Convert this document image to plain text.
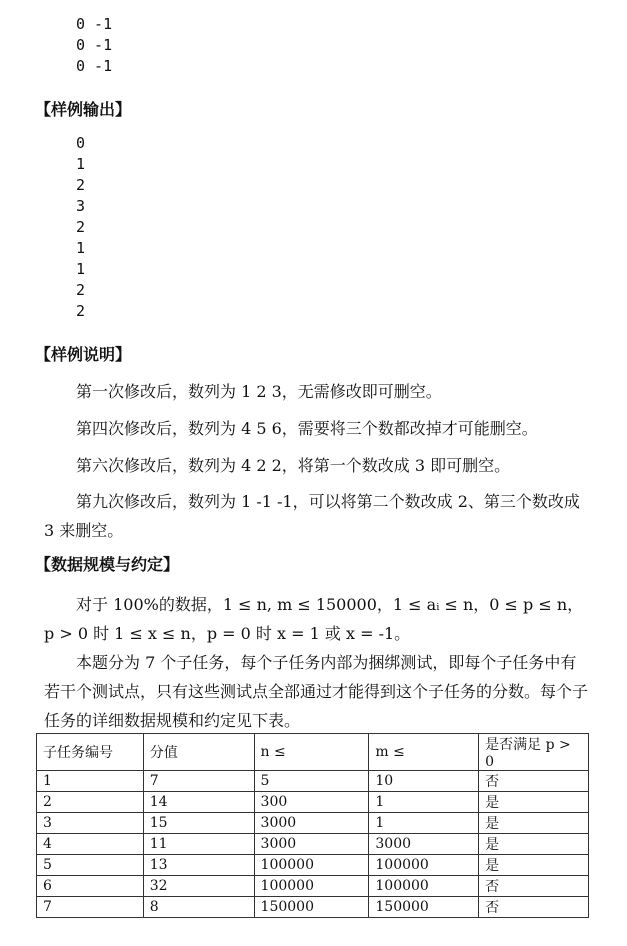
0 -1
0 -1
0 -1
【样例输出】
0
1
2
3
2
1
1
2
2
【样例说明】
第一次修改后，数列为 1 2 3，无需修改即可删空。
第四次修改后，数列为 4 5 6，需要将三个数都改掉才可能删空。
第六次修改后，数列为 4 2 2，将第一个数改成 3 即可删空。
第九次修改后，数列为 1 -1 -1，可以将第二个数改成 2、第三个数改成 3 来删空。
【数据规模与约定】
对于 100%的数据，1 ≤ n, m ≤ 150000，1 ≤ aᵢ ≤ n，0 ≤ p ≤ n，p > 0 时 1 ≤ x ≤ n，p = 0 时 x = 1 或 x = -1。
本题分为 7 个子任务，每个子任务内部为捆绑测试，即每个子任务中有若干个测试点，只有这些测试点全部通过才能得到这个子任务的分数。每个子任务的详细数据规模和约定见下表。
子任务编号	分值	n ≤	m ≤	是否满足 p > 0
1	7	5	10	否
2	14	300	1	是
3	15	3000	1	是
4	11	3000	3000	是
5	13	100000	100000	是
6	32	100000	100000	否
7	8	150000	150000	否
